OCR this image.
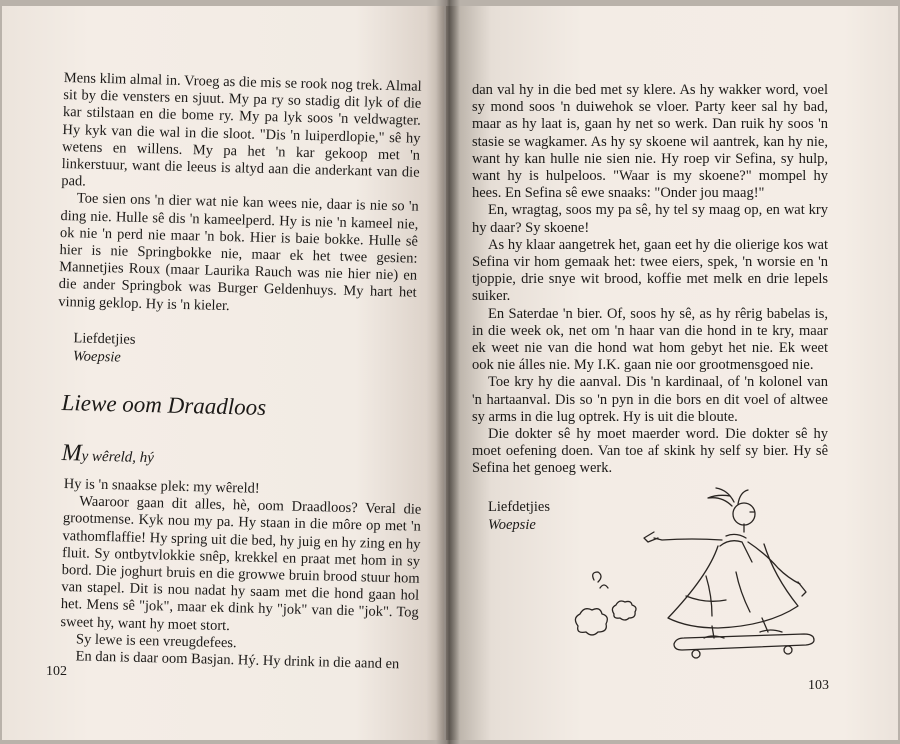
Mens klim almal in. Vroeg as die mis se rook nog trek. Almal sit by die vensters en sjuut. My pa ry so stadig dit lyk of die kar stilstaan en die bome ry. My pa lyk soos 'n veldwagter. Hy kyk van die wal in die sloot. "Dis 'n luiperdlopie," sê hy wetens en willens. My pa het 'n kar gekoop met 'n linkerstuur, want die leeus is altyd aan die anderkant van die pad.

Toe sien ons 'n dier wat nie kan wees nie, daar is nie so 'n ding nie. Hulle sê dis 'n kameelperd. Hy is nie 'n kameel nie, ok nie 'n perd nie maar 'n bok. Hier is baie bokke. Hulle sê hier is nie Springbokke nie, maar ek het twee gesien: Mannetjies Roux (maar Laurika Rauch was nie hier nie) en die ander Springbok was Burger Geldenhuys. My hart het vinnig geklop. Hy is 'n kieler.

Liefdetjies

Woepsie

Liewe oom Draadloos
My wêreld, hý

Hy is 'n snaakse plek: my wêreld!

Waaroor gaan dit alles, hè, oom Draadloos? Veral die grootmense. Kyk nou my pa. Hy staan in die môre op met 'n vathomflaffie! Hy spring uit die bed, hy juig en hy zing en hy fluit. Sy ontbytvlokkie snêp, krekkel en praat met hom in sy bord. Die joghurt bruis en die growwe bruin brood stuur hom van stapel. Dit is nou nadat hy saam met die hond gaan hol het. Mens sê "jok", maar ek dink hy "jok" van die "jok". Tog sweet hy, want hy moet stort.

Sy lewe is een vreugdefees.

En dan is daar oom Basjan. Hý. Hy drink in die aand en

102

dan val hy in die bed met sy klere. As hy wakker word, voel sy mond soos 'n duiwehok se vloer. Party keer sal hy bad, maar as hy laat is, gaan hy net so werk. Dan ruik hy soos 'n stasie se wagkamer. As hy sy skoene wil aantrek, kan hy nie, want hy kan hulle nie sien nie. Hy roep vir Sefina, sy hulp, want hy is hulpeloos. "Waar is my skoene?" mompel hy hees. En Sefina sê ewe snaaks: "Onder jou maag!"

En, wragtag, soos my pa sê, hy tel sy maag op, en wat kry hy daar? Sy skoene!

As hy klaar aangetrek het, gaan eet hy die olierige kos wat Sefina vir hom gemaak het: twee eiers, spek, 'n worsie en 'n tjoppie, drie snye wit brood, koffie met melk en drie lepels suiker.

En Saterdae 'n bier. Of, soos hy sê, as hy rêrig babelas is, in die week ok, net om 'n haar van die hond in te kry, maar ek weet nie van die hond wat hom gebyt het nie. Ek weet ook nie álles nie. My I.K. gaan nie oor grootmensgoed nie.

Toe kry hy die aanval. Dis 'n kardinaal, of 'n kolonel van 'n hartaanval. Dis so 'n pyn in die bors en dit voel of altwee sy arms in die lug optrek. Hy is uit die bloute.

Die dokter sê hy moet maerder word. Die dokter sê hy moet oefening doen. Van toe af skink hy self sy bier. Hy sê Sefina het genoeg werk.

Liefdetjies

Woepsie

103
